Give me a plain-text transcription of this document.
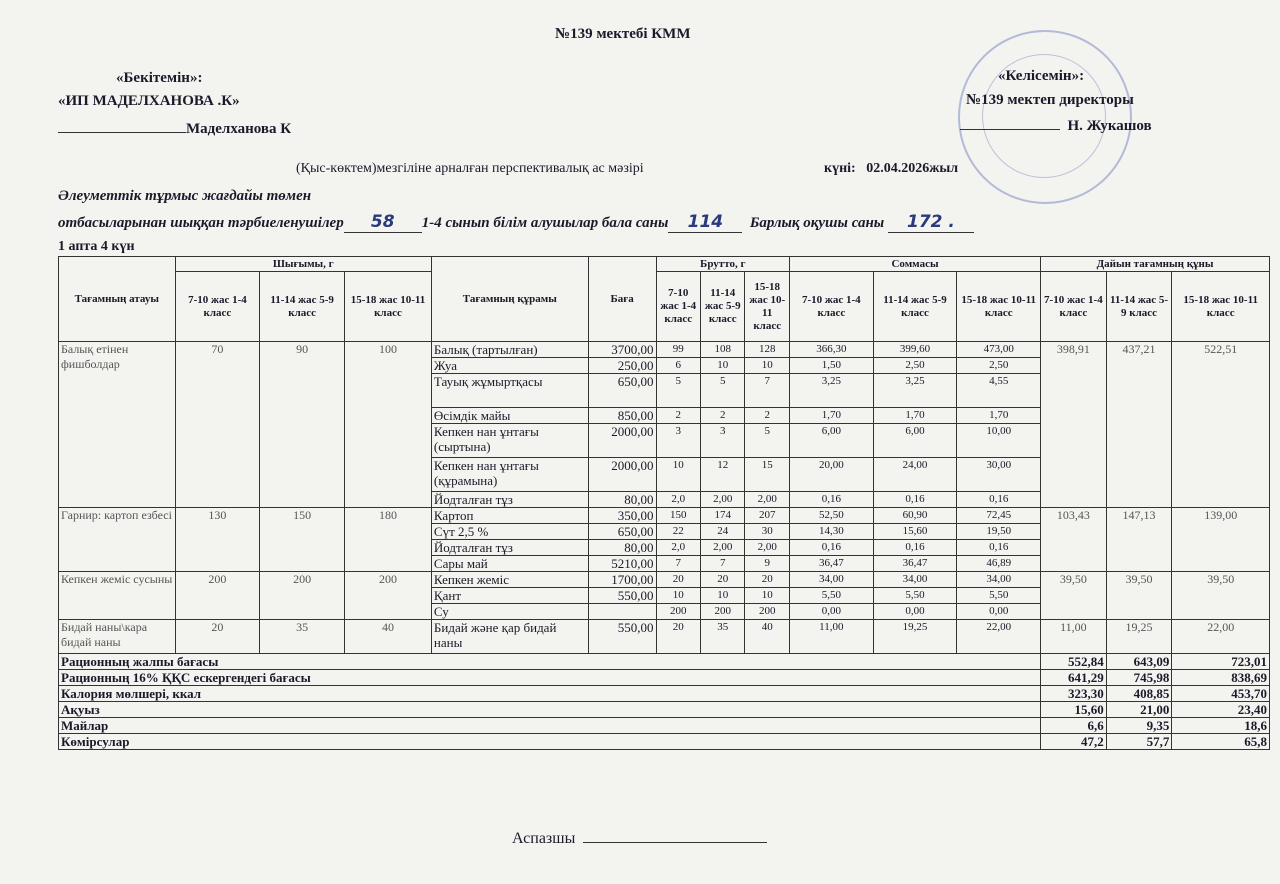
№139 мектебі КММ
«Бекітемін»:
«ИП МАДЕЛХАНОВА .К»
Маделханова К
«Келісемін»:
№139 мектеп директоры
Н. Жукашов
(Қыс-көктем)мезгіліне арналған перспективалық ас мәзірі	күні: 02.04.2026жыл
Әлеуметтік тұрмыс жағдайы төмен
отбасыларынан шыққан тәрбиеленушілер 58 1-4 сынып білім алушылар бала саны 114 Барлық оқушы саны 172 .
1 апта 4 күн
Тағамның атауы	Шығымы, г			Тағамның құрамы	Баға	Брутто, г			Соммасы			Дайын тағамның құны		
	7-10 жас 1-4 класс	11-14 жас 5-9 класс	15-18 жас 10-11 класс			7-10 жас 1-4 класс	11-14 жас 5-9 класс	15-18 жас 10-11 класс	7-10 жас 1-4 класс	11-14 жас 5-9 класс	15-18 жас 10-11 класс	7-10 жас 1-4 класс	11-14 жас 5-9 класс	15-18 жас 10-11 класс
Балық етінен фишболдар	70	90	100	Балық (тартылған)	3700,00	99	108	128	366,30	399,60	473,00	398,91	437,21	522,51
				Жуа	250,00	6	10	10	1,50	2,50	2,50			
				Тауық жұмыртқасы	650,00	5	5	7	3,25	3,25	4,55			
				Өсімдік майы	850,00	2	2	2	1,70	1,70	1,70			
				Кепкен нан ұнтағы (сыртына)	2000,00	3	3	5	6,00	6,00	10,00			
				Кепкен нан ұнтағы (құрамына)	2000,00	10	12	15	20,00	24,00	30,00			
				Йодталған тұз	80,00	2,0	2,00	2,00	0,16	0,16	0,16			
Гарнир: картоп езбесі	130	150	180	Картоп	350,00	150	174	207	52,50	60,90	72,45	103,43	147,13	139,00
				Сүт 2,5 %	650,00	22	24	30	14,30	15,60	19,50			
				Йодталған тұз	80,00	2,0	2,00	2,00	0,16	0,16	0,16			
				Сары май	5210,00	7	7	9	36,47	36,47	46,89			
Кепкен жеміс сусыны	200	200	200	Кепкен жеміс	1700,00	20	20	20	34,00	34,00	34,00	39,50	39,50	39,50
				Қант	550,00	10	10	10	5,50	5,50	5,50			
				Су		200	200	200	0,00	0,00	0,00			
Бидай наны\кара бидай наны	20	35	40	Бидай және қар бидай наны	550,00	20	35	40	11,00	19,25	22,00	11,00	19,25	22,00
Рационның жалпы бағасы												552,84	643,09	723,01
Рационның 16% ҚҚС ескергендегі бағасы												641,29	745,98	838,69
Калория мөлшері, ккал												323,30	408,85	453,70
Ақуыз												15,60	21,00	23,40
Майлар												6,6	9,35	18,6
Көмірсулар												47,2	57,7	65,8
Аспазшы
